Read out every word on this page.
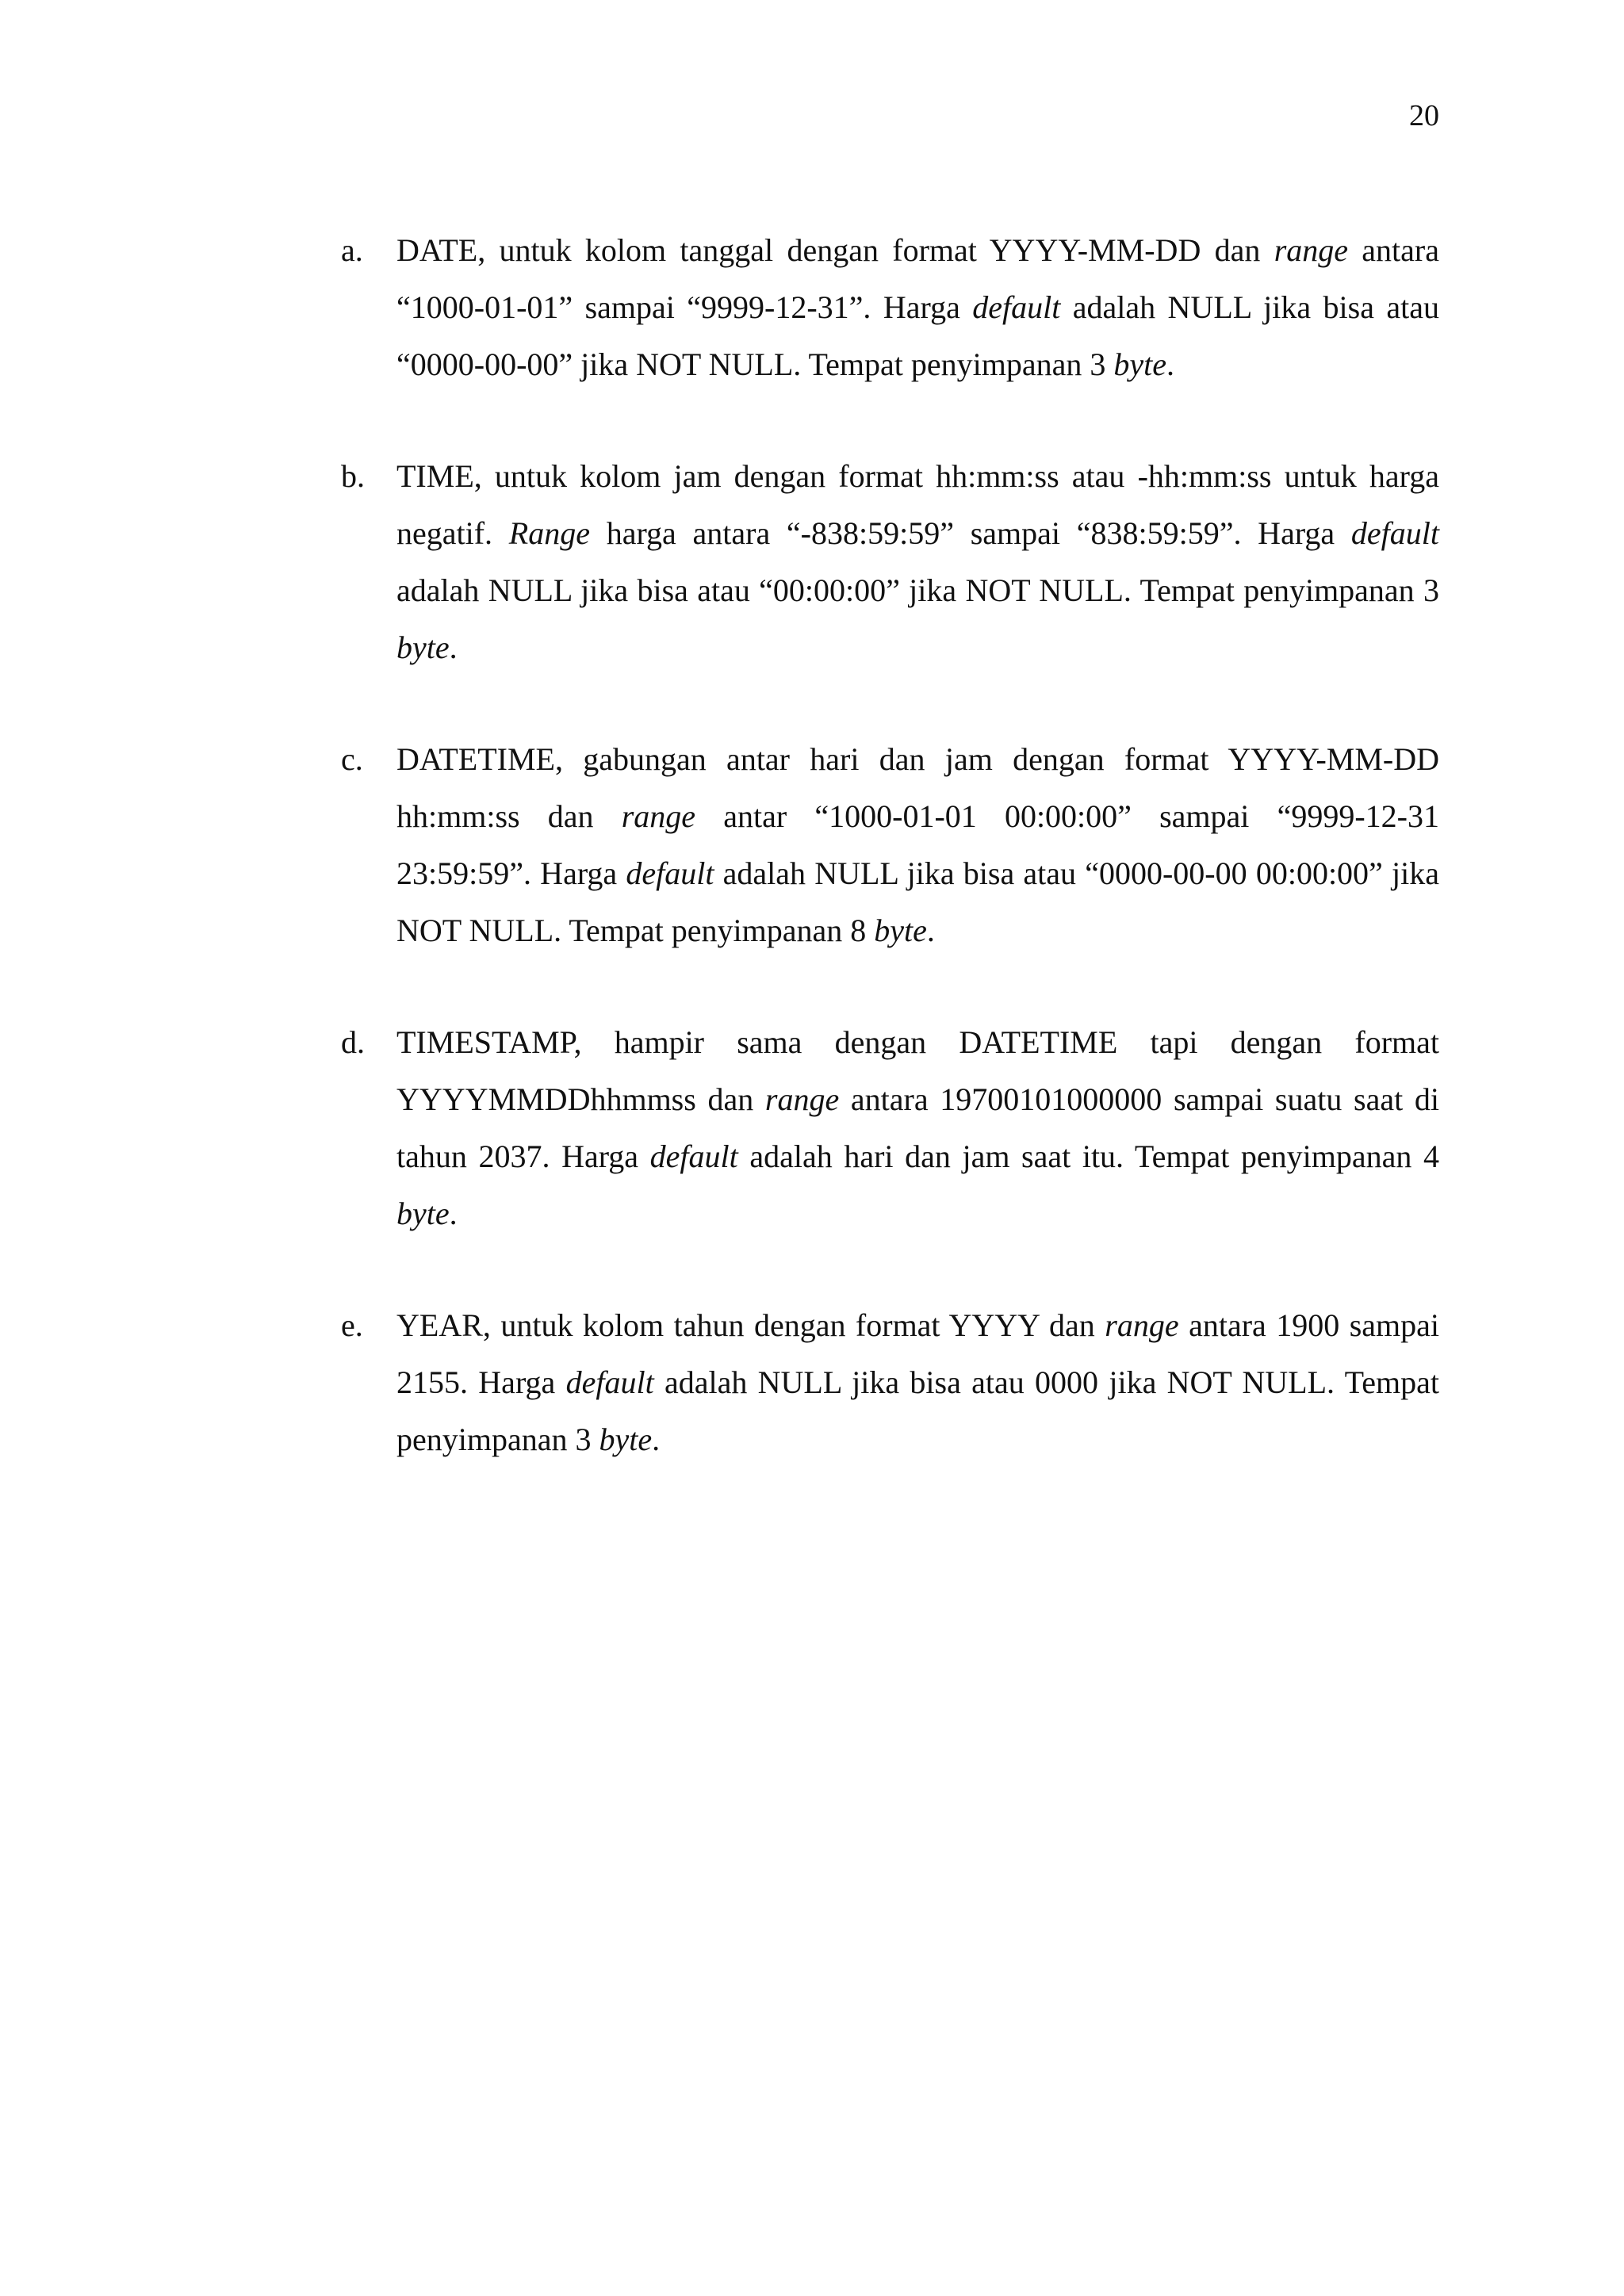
20

a.	DATE, untuk kolom tanggal dengan format YYYY-MM-DD dan range antara “1000-01-01” sampai “9999-12-31”. Harga default adalah NULL jika bisa atau “0000-00-00” jika NOT NULL. Tempat penyimpanan 3 byte.
b.	TIME, untuk kolom jam dengan format hh:mm:ss atau -hh:mm:ss untuk harga negatif. Range harga antara “-838:59:59” sampai “838:59:59”. Harga default adalah NULL jika bisa atau “00:00:00” jika NOT NULL. Tempat penyimpanan 3 byte.
c.	DATETIME, gabungan antar hari dan jam dengan format YYYY-MM-DD hh:mm:ss dan range antar “1000-01-01 00:00:00” sampai “9999-12-31 23:59:59”. Harga default adalah NULL jika bisa atau “0000-00-00 00:00:00” jika NOT NULL. Tempat penyimpanan 8 byte.
d.	TIMESTAMP, hampir sama dengan DATETIME tapi dengan format YYYYMMDDhhmmss dan range antara 19700101000000 sampai suatu saat di tahun 2037. Harga default adalah hari dan jam saat itu. Tempat penyimpanan 4 byte.
e.	YEAR, untuk kolom tahun dengan format YYYY dan range antara 1900 sampai 2155. Harga default adalah NULL jika bisa atau 0000 jika NOT NULL. Tempat penyimpanan 3 byte.
